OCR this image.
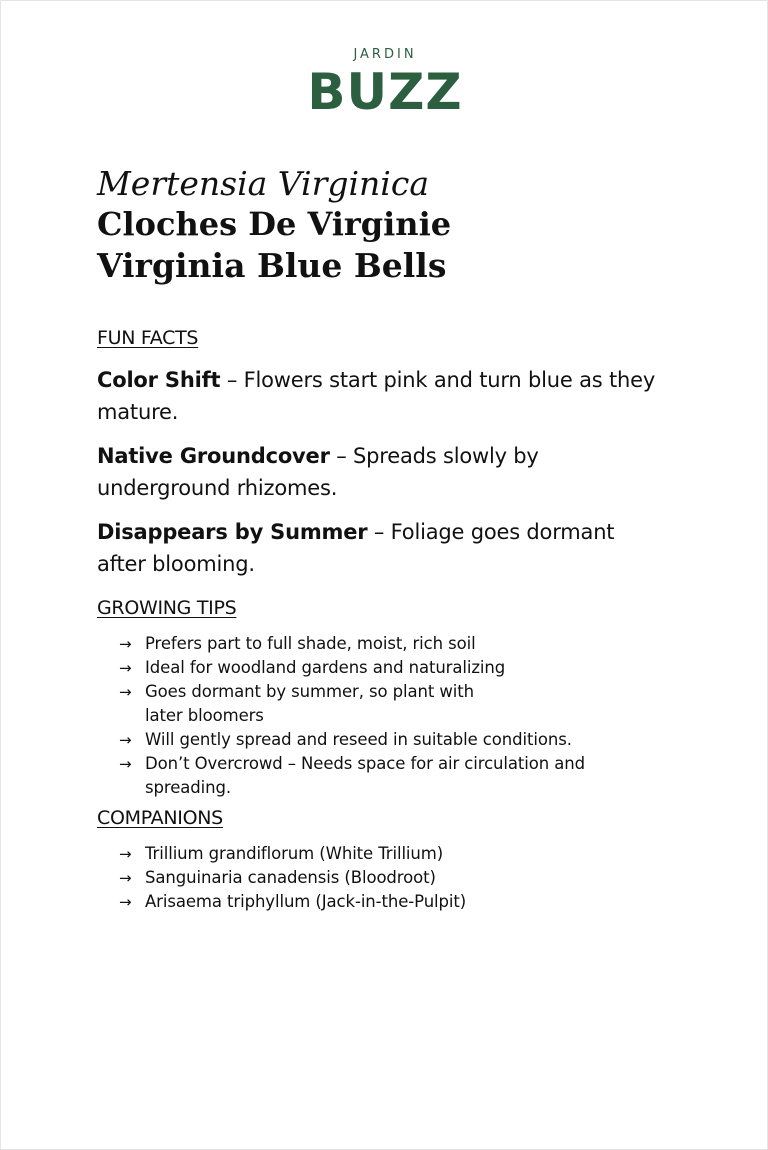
JARDIN
BUZZ
Mertensia Virginica
Cloches De Virginie
Virginia Blue Bells
FUN FACTS

Color Shift – Flowers start pink and turn blue as they mature.

Native Groundcover – Spreads slowly by underground rhizomes.

Disappears by Summer – Foliage goes dormant after blooming.

GROWING TIPS
→ Prefers part to full shade, moist, rich soil
→ Ideal for woodland gardens and naturalizing
→ Goes dormant by summer, so plant with later bloomers
→ Will gently spread and reseed in suitable conditions.
→ Don’t Overcrowd – Needs space for air circulation and spreading.
COMPANIONS
→ Trillium grandiflorum (White Trillium)
→ Sanguinaria canadensis (Bloodroot)
→ Arisaema triphyllum (Jack-in-the-Pulpit)
